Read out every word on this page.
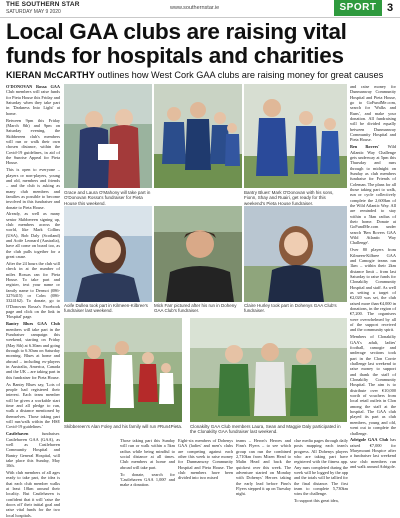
THE SOUTHERN STAR
SATURDAY MAY 9 2020
www.southernstar.ie	SPORT 3
Local GAA clubs are raising vital funds for hospitals and charities
KIERAN McCARTHY outlines how West Cork GAA clubs are raising money for great causes

O'DONOVAN Rossa GAA Club members will raise funds for Pieta House this Friday and Saturday when they take part in 'Darkness Into Light' at home.

Between 9pm this Friday (March 8th) and 9pm on Saturday evening, the Skibbereen club's members will run or walk their own chosen distance, within the Covid-19 guidelines, in aid of the Sunrise Appeal for Pieta House.

This is open to everyone – players or non-players, young and old, members and friends – and the club is asking as many club members and families as possible to become involved in this fundraiser and donate to Pieta House.

Already, as well as many senior Skibbereen signing up, club members across the world, like Mark Collins (USA), Bob Daly (Scotland) and Aoife Leonard (Australia), have all come on board too, as the club pulls together for a great cause.

After the 24 hours the club will check in at the number of miles Rossas ran for Pieta House. To take part and register, text your name or family name to Dermot (086-3276415) or Colm (086-3324162). To donate, go to O'Donovan Rossa's Facebook page and click on the link in 'Hospital' page.

Bantry Blues GAA Club members will take part in the Fundraiser campaign this weekend, starting on Friday (May 8th) at 6.30am and going through to 6.30am on Saturday morning. Blues at home and abroad – including ex-players in Australia, America, Canada and the UK – are taking part in this fundraiser for Pieta House.

As Bantry Blues say, 'Lots of people had registered their interest. Each team member will be given a workable start time and all pledge to run, walk a distance mentioned by themselves. Those taking part will run/walk within the HSE Covid-19 guidelines.'

Castlehaven fundraiser. Castlehaven GAA (GAA), as well as Castlehaven Community Hospital and Bantry General Hospital, will take place this Sunday, May 10th.

With club members of all ages ready to take part, the idea is that each club member walks at least 10km around their locality. But Castlehaven is confident that it will 'raise the doors off' their initial goal and raise vital funds for the two local hospitals.

and raise money for Dunmanway Community Hospital and Pieta House, go to GoFundMe.com, search for 'Walks and Runs', and make your donation. All fundraising will be divided equally between Dunmanway Community Hospital and Pieta House.

Ben Rovers' Wild Atlantic Way Challenge gets underway at 5pm this Thursday and runs through to midnight on Sunday as club members fundraise for Friends of Coleman. The plans for all those taking part to walk, run or cycle collectively complete the 2,600km of the Wild Atlantic Way. All are reminded to stay within a 5km radius of their home. Donate at GoFundMe.com under search 'Ben Rovers GAA Wild Atlantic Way Challenge'.

Over 80 players from Kilmeen-Kilbree GAA and Camogie teams ran 1km – within their 2km distance limit – from last Saturday to raise funds for Clonakilty Community Hospital and staff. As well as setting a target of €2,020 was set, the club raised more than €4,000 in donations, in the region of €7,200. The organisers were overwhelmed by all of the support received and the community spirit.

Members of Clonakilty GAA's adult, ladies' football, camogie and underage sections took part in the Clon Corrie challenge last weekend to raise money to support and thank the staff of Clonakilty Community Hospital. The aim is to distribute over €10,000 worth of vouchers from local retail outlets in Clon among the staff at the hospital. The GAA club played its part as club members, young and old, went out to complete the challenge.

Adrigole GAA Club has raised €7,000 for Marymount Hospice after a fundraiser last weekend saw club members run and walk around Adrigole.

Those taking part this Sunday will run or walk within a 5km radius while being mindful to social distance at all times. Club members at home and abroad will take part.

To donate, search for 'Castlehaven GAA 1,000' and make a donation.

Eight-six members of Dohenys GAA (ladies' and men's clubs are competing against each other this week to raise money for Dunmanway Community Hospital and Pieta House. The club members have been divided into two mixed

teams – Heron's Heroes and Finn's Flyers – to see which group can run the combined 2,710km from Mizen Head to Malin Head and back the quickest over this week. The adventure started on Monday with Dohenys' Heroes taking the early lead before Finn's Flyers stepped it up on Tuesday night.

clue media pages through daily posts mapping each team's progress. All Dohenys players who are taking part have registered with the fitness app. Any runs completed during the week will be logged by the app and the totals will be tallied for the final distance. The first team to complete 5,730km wins the challenge.

To support this great idea,

Grace and Laura O'Mahony will take part in O'Donovan Rossa's fundraiser for Pieta House this weekend.
Bantry Blues' Mark O'Donovan with his sons, Fionn, Shay and Ruairi, get ready for this weekend's Pieta House fundraiser.
Aoife Dullea took part in Kilmeen-Kilbree's fundraiser last weekend.
Mick Farr pictured after his run in Doheny GAA Club's fundraiser.
Claire Hurley took part in Dohenys GAA Club's fundraiser.
Skibbereen's Alan Foley and his family will run #Run4Pieta.	Clonakilty GAA Club members Laura, Sean and Maggie Daly participated in the Clonakilty GAA fundraiser last weekend.
